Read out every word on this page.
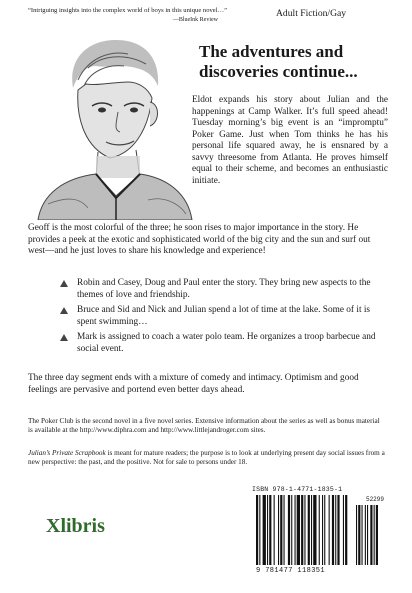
“Intriguing insights into the complex world of boys in this unique novel…”
—BlueInk Review
Adult Fiction/Gay
The adventures and discoveries continue...
Eldot expands his story about Julian and the happenings at Camp Walker. It’s full speed ahead! Tuesday morning’s big event is an “impromptu” Poker Game. Just when Tom thinks he has his personal life squared away, he is ensnared by a savvy threesome from Atlanta. He proves himself equal to their scheme, and becomes an enthusiastic initiate.
Geoff is the most colorful of the three; he soon rises to major importance in the story. He provides a peek at the exotic and sophisticated world of the big city and the sun and surf out west—and he just loves to share his knowledge and experience!
Robin and Casey, Doug and Paul enter the story. They bring new aspects to the themes of love and friendship.
Bruce and Sid and Nick and Julian spend a lot of time at the lake. Some of it is spent swimming…
Mark is assigned to coach a water polo team. He organizes a troop barbecue and social event.
The three day segment ends with a mixture of comedy and intimacy. Optimism and good feelings are pervasive and portend even better days ahead.
The Poker Club is the second novel in a five novel series. Extensive information about the series as well as bonus material is available at the http://www.diphra.com and http://www.littlejandroger.com sites.
Julian’s Private Scrapbook is meant for mature readers; the purpose is to look at underlying present day social issues from a new perspective: the past, and the positive. Not for sale to persons under 18.
Xlibris
ISBN 978-1-4771-1835-1
52299
9 781477 118351
